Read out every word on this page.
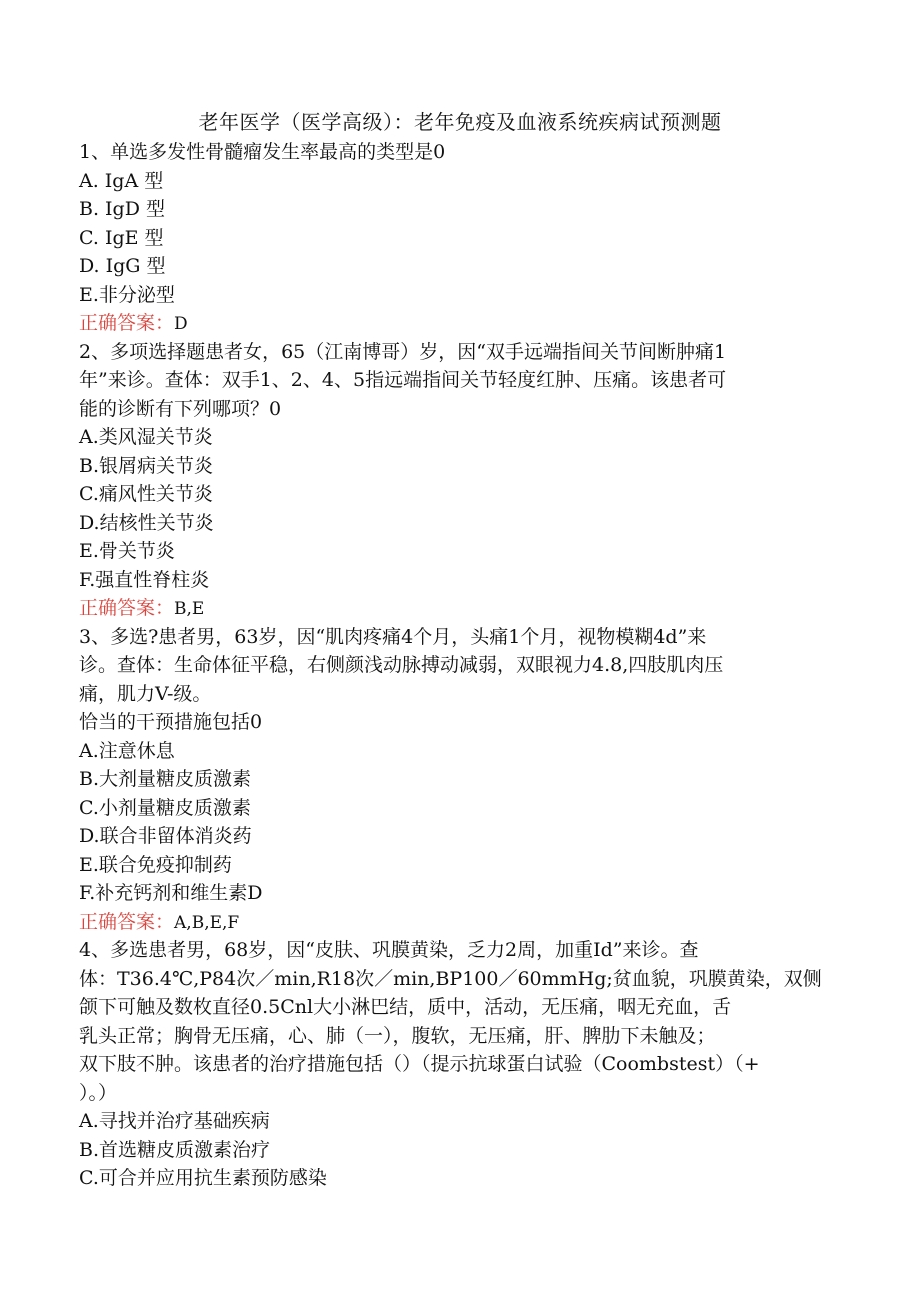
老年医学（医学高级）：老年免疫及血液系统疾病试预测题
1、单选多发性骨髓瘤发生率最高的类型是0
A. IgA 型
B. IgD 型
C. IgE 型
D. IgG 型
E.非分泌型
正确答案：D
2、多项选择题患者女，65（江南博哥）岁，因“双手远端指间关节间断肿痛1
年”来诊。查体：双手1、2、4、5指远端指间关节轻度红肿、压痛。该患者可
能的诊断有下列哪项？0
A.类风湿关节炎
B.银屑病关节炎
C.痛风性关节炎
D.结核性关节炎
E.骨关节炎
F.强直性脊柱炎
正确答案：B,E
3、多选?患者男，63岁，因“肌肉疼痛4个月，头痛1个月，视物模糊4d”来
诊。查体：生命体征平稳，右侧颜浅动脉搏动减弱，双眼视力4.8,四肢肌肉压
痛，肌力V-级。
恰当的干预措施包括0
A.注意休息
B.大剂量糖皮质激素
C.小剂量糖皮质激素
D.联合非留体消炎药
E.联合免疫抑制药
F.补充钙剂和维生素D
正确答案：A,B,E,F
4、多选患者男，68岁，因“皮肤、巩膜黄染，乏力2周，加重Id”来诊。查
体：T36.4℃,P84次／min,R18次／min,BP100／60mmHg;贫血貌，巩膜黄染，双侧
颌下可触及数枚直径0.5Cnl大小淋巴结，质中，活动，无压痛，咽无充血，舌
乳头正常；胸骨无压痛，心、肺（一），腹软，无压痛，肝、脾肋下未触及；
双下肢不肿。该患者的治疗措施包括（）（提示抗球蛋白试验（Coombstest）（+
）。）
A.寻找并治疗基础疾病
B.首选糖皮质激素治疗
C.可合并应用抗生素预防感染
